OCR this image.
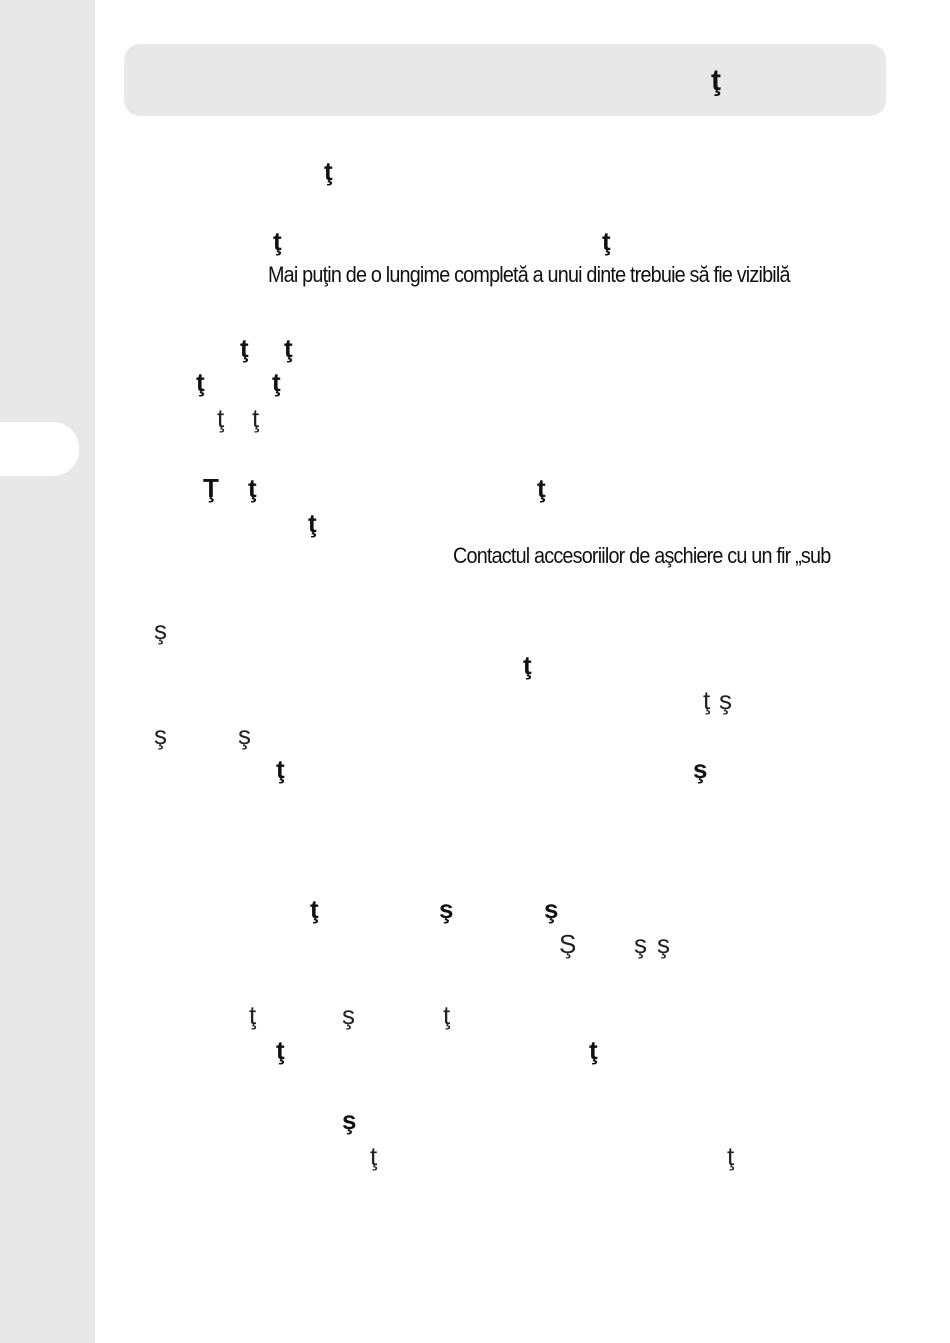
ţ
ţ
ţ	ţ
Mai puţin de o lungime completă a unui dinte trebuie să fie vizibilă
ţ ţ
ţ	ţ
ţ ţ
Ţ ţ	ţ
ţ
Contactul accesoriilor de aşchiere cu un fir „sub
ş
ţ
ţ ş
ş	ş
ţ	ş
ţ	ş	ş
Ş ş ş
ţ	ş	ţ
ţ	ţ
ş
ţ	ţ
